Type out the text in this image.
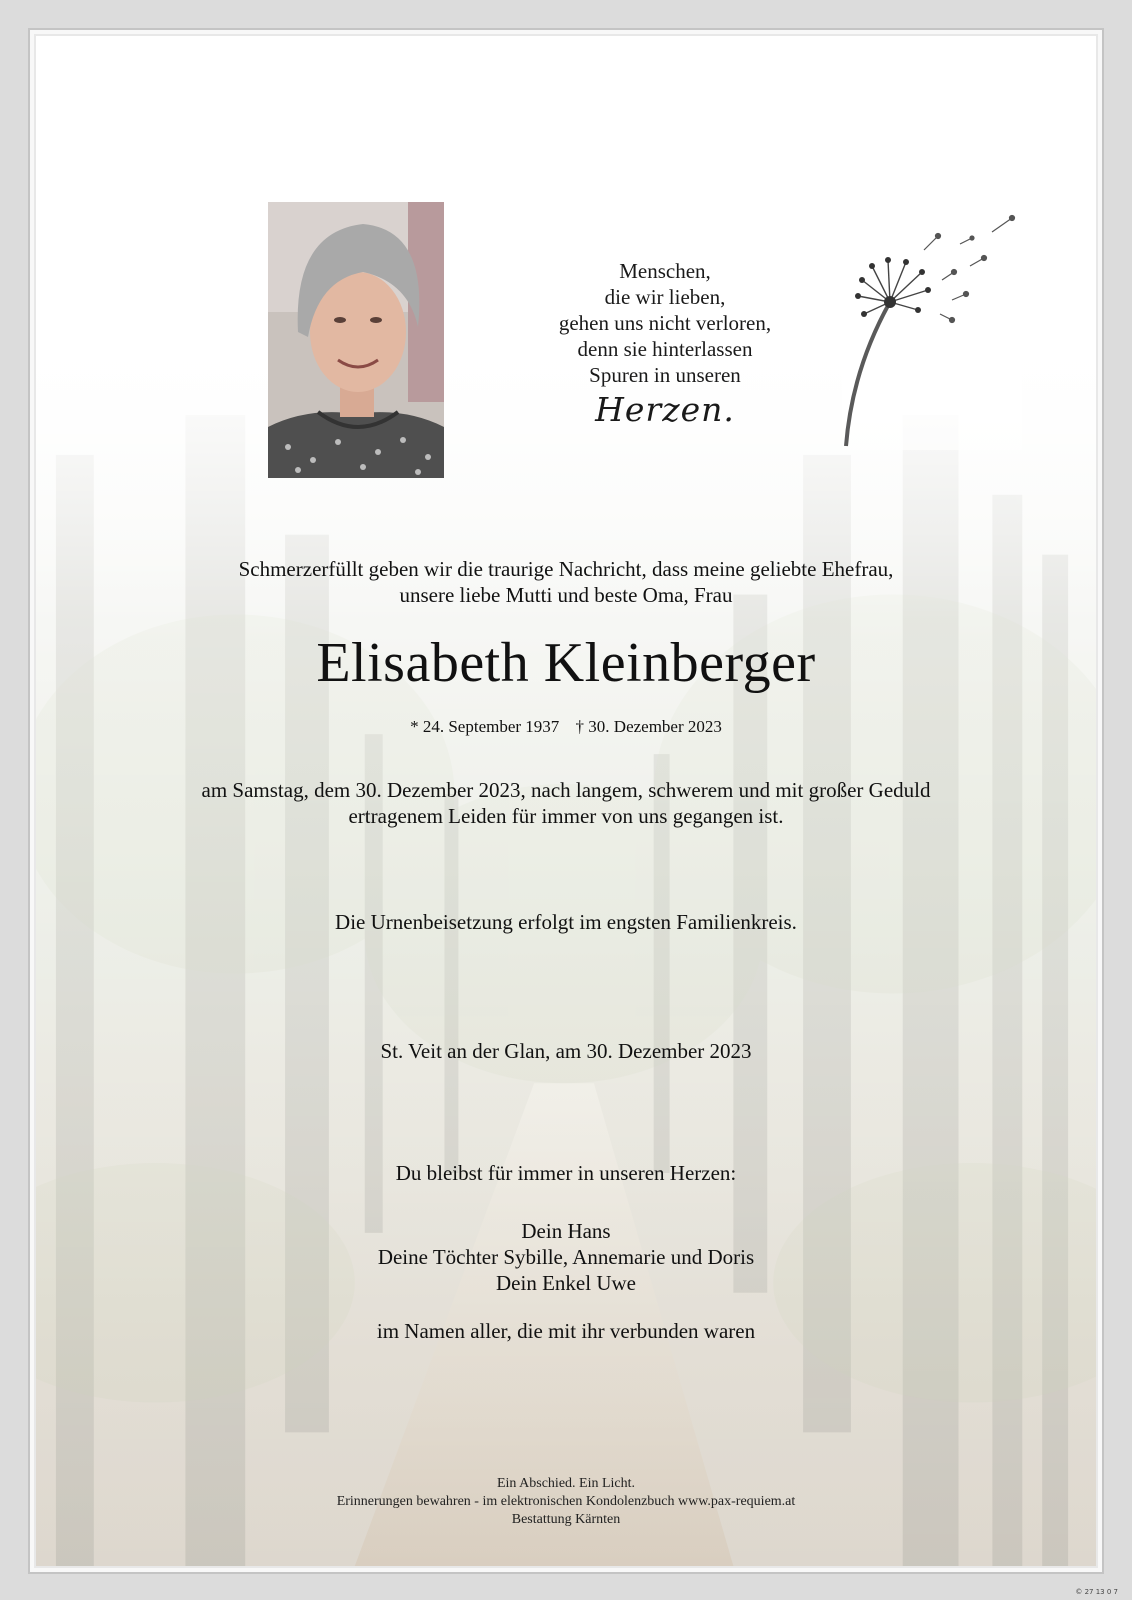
Menschen,
die wir lieben,
gehen uns nicht verloren,
denn sie hinterlassen
Spuren in unseren
Herzen.
Schmerzerfüllt geben wir die traurige Nachricht, dass meine geliebte Ehefrau,
unsere liebe Mutti und beste Oma, Frau
Elisabeth Kleinberger
* 24. September 1937 † 30. Dezember 2023
am Samstag, dem 30. Dezember 2023, nach langem, schwerem und mit großer Geduld
ertragenem Leiden für immer von uns gegangen ist.
Die Urnenbeisetzung erfolgt im engsten Familienkreis.
St. Veit an der Glan, am 30. Dezember 2023
Du bleibst für immer in unseren Herzen:
Dein Hans
Deine Töchter Sybille, Annemarie und Doris
Dein Enkel Uwe
im Namen aller, die mit ihr verbunden waren
Ein Abschied. Ein Licht.
Erinnerungen bewahren - im elektronischen Kondolenzbuch www.pax-requiem.at
Bestattung Kärnten
© 27 13 0 7
